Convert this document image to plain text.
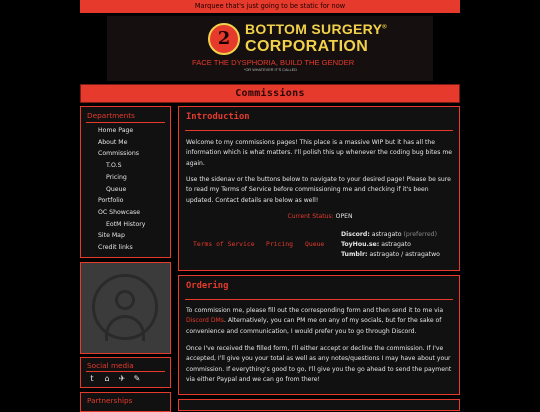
Marquee that's just going to be static for now
2	BOTTOM SURGERY®
CORPORATION
FACE THE DYSPHORIA, BUILD THE GENDER
*OR WHATEVER IT'S CALLED
Commissions
Departments
Home Page
About Me
Commissions
T.O.S
Pricing
Queue
Portfolio
OC Showcase
EotM History
Site Map
Credit links
Social media
t	⌂	✈ ✎
Partnerships
Introduction
Welcome to my commissions pages! This place is a massive WIP but it has all the information which is what matters. I'll polish this up whenever the coding bug bites me again.
Use the sidenav or the buttons below to navigate to your desired page! Please be sure to read my Terms of Service before commissioning me and checking if it's been updated. Contact details are below as well!
Current Status: OPEN
Terms of Service Pricing Queue
Discord: astragato (preferred)
ToyHou.se: astragato
Tumblr: astragato / astragatwo
Ordering
To commission me, please fill out the corresponding form and then send it to me via Discord DMs. Alternatively, you can PM me on any of my socials, but for the sake of convenience and communication, I would prefer you to go through Discord.
Once I've received the filled form, I'll either accept or decline the commission. If I've accepted, I'll give you your total as well as any notes/questions I may have about your commission. If everything's good to go, I'll give you the go ahead to send the payment via either Paypal and we can go from there!
